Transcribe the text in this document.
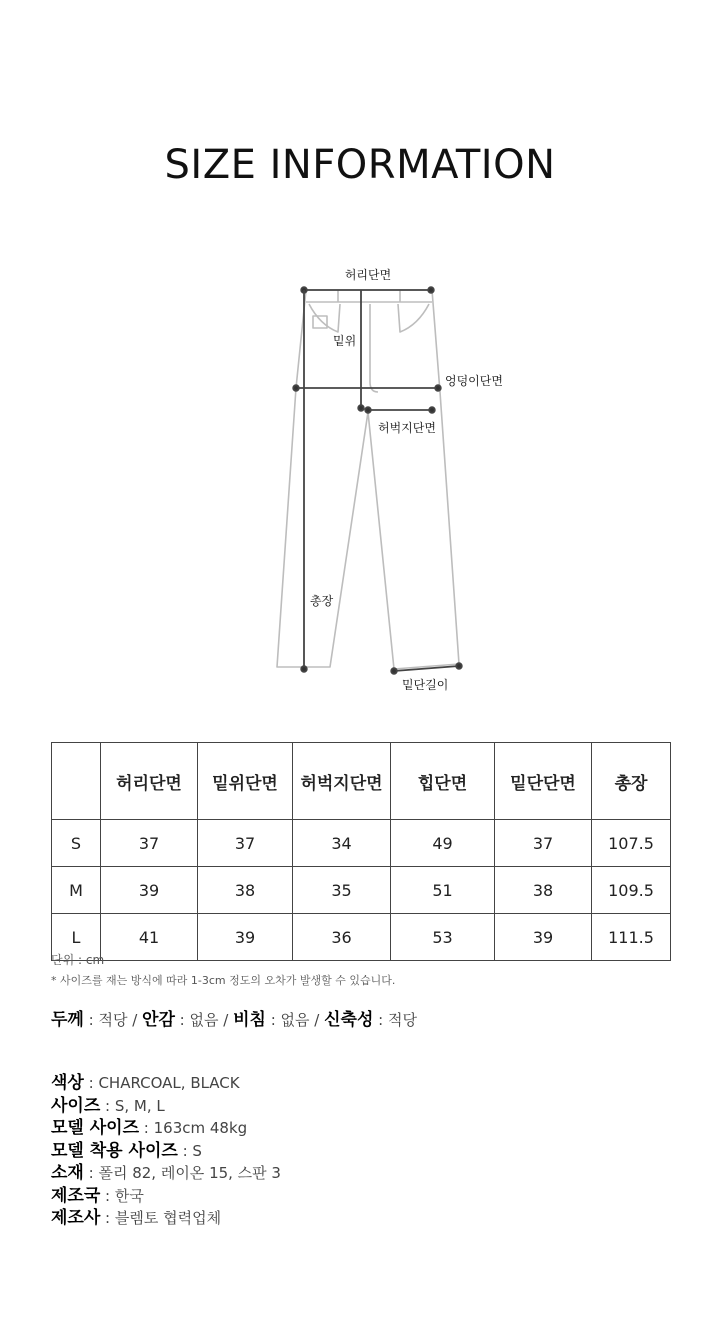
SIZE INFORMATION
허리단면
밑위
엉덩이단면
허벅지단면
총장
밑단길이
	허리단면	밑위단면	허벅지단면	힙단면	밑단단면	총장
S	37	37	34	49	37	107.5
M	39	38	35	51	38	109.5
L	41	39	36	53	39	111.5
단위 : cm
* 사이즈를 재는 방식에 따라 1-3cm 정도의 오차가 발생할 수 있습니다.
두께 : 적당 / 안감 : 없음 / 비침 : 없음 / 신축성 : 적당
색상 : CHARCOAL, BLACK
사이즈 : S, M, L
모델 사이즈 : 163cm 48kg
모델 착용 사이즈 : S
소재 : 폴리 82, 레이온 15, 스판 3
제조국 : 한국
제조사 : 블렘토 협력업체
